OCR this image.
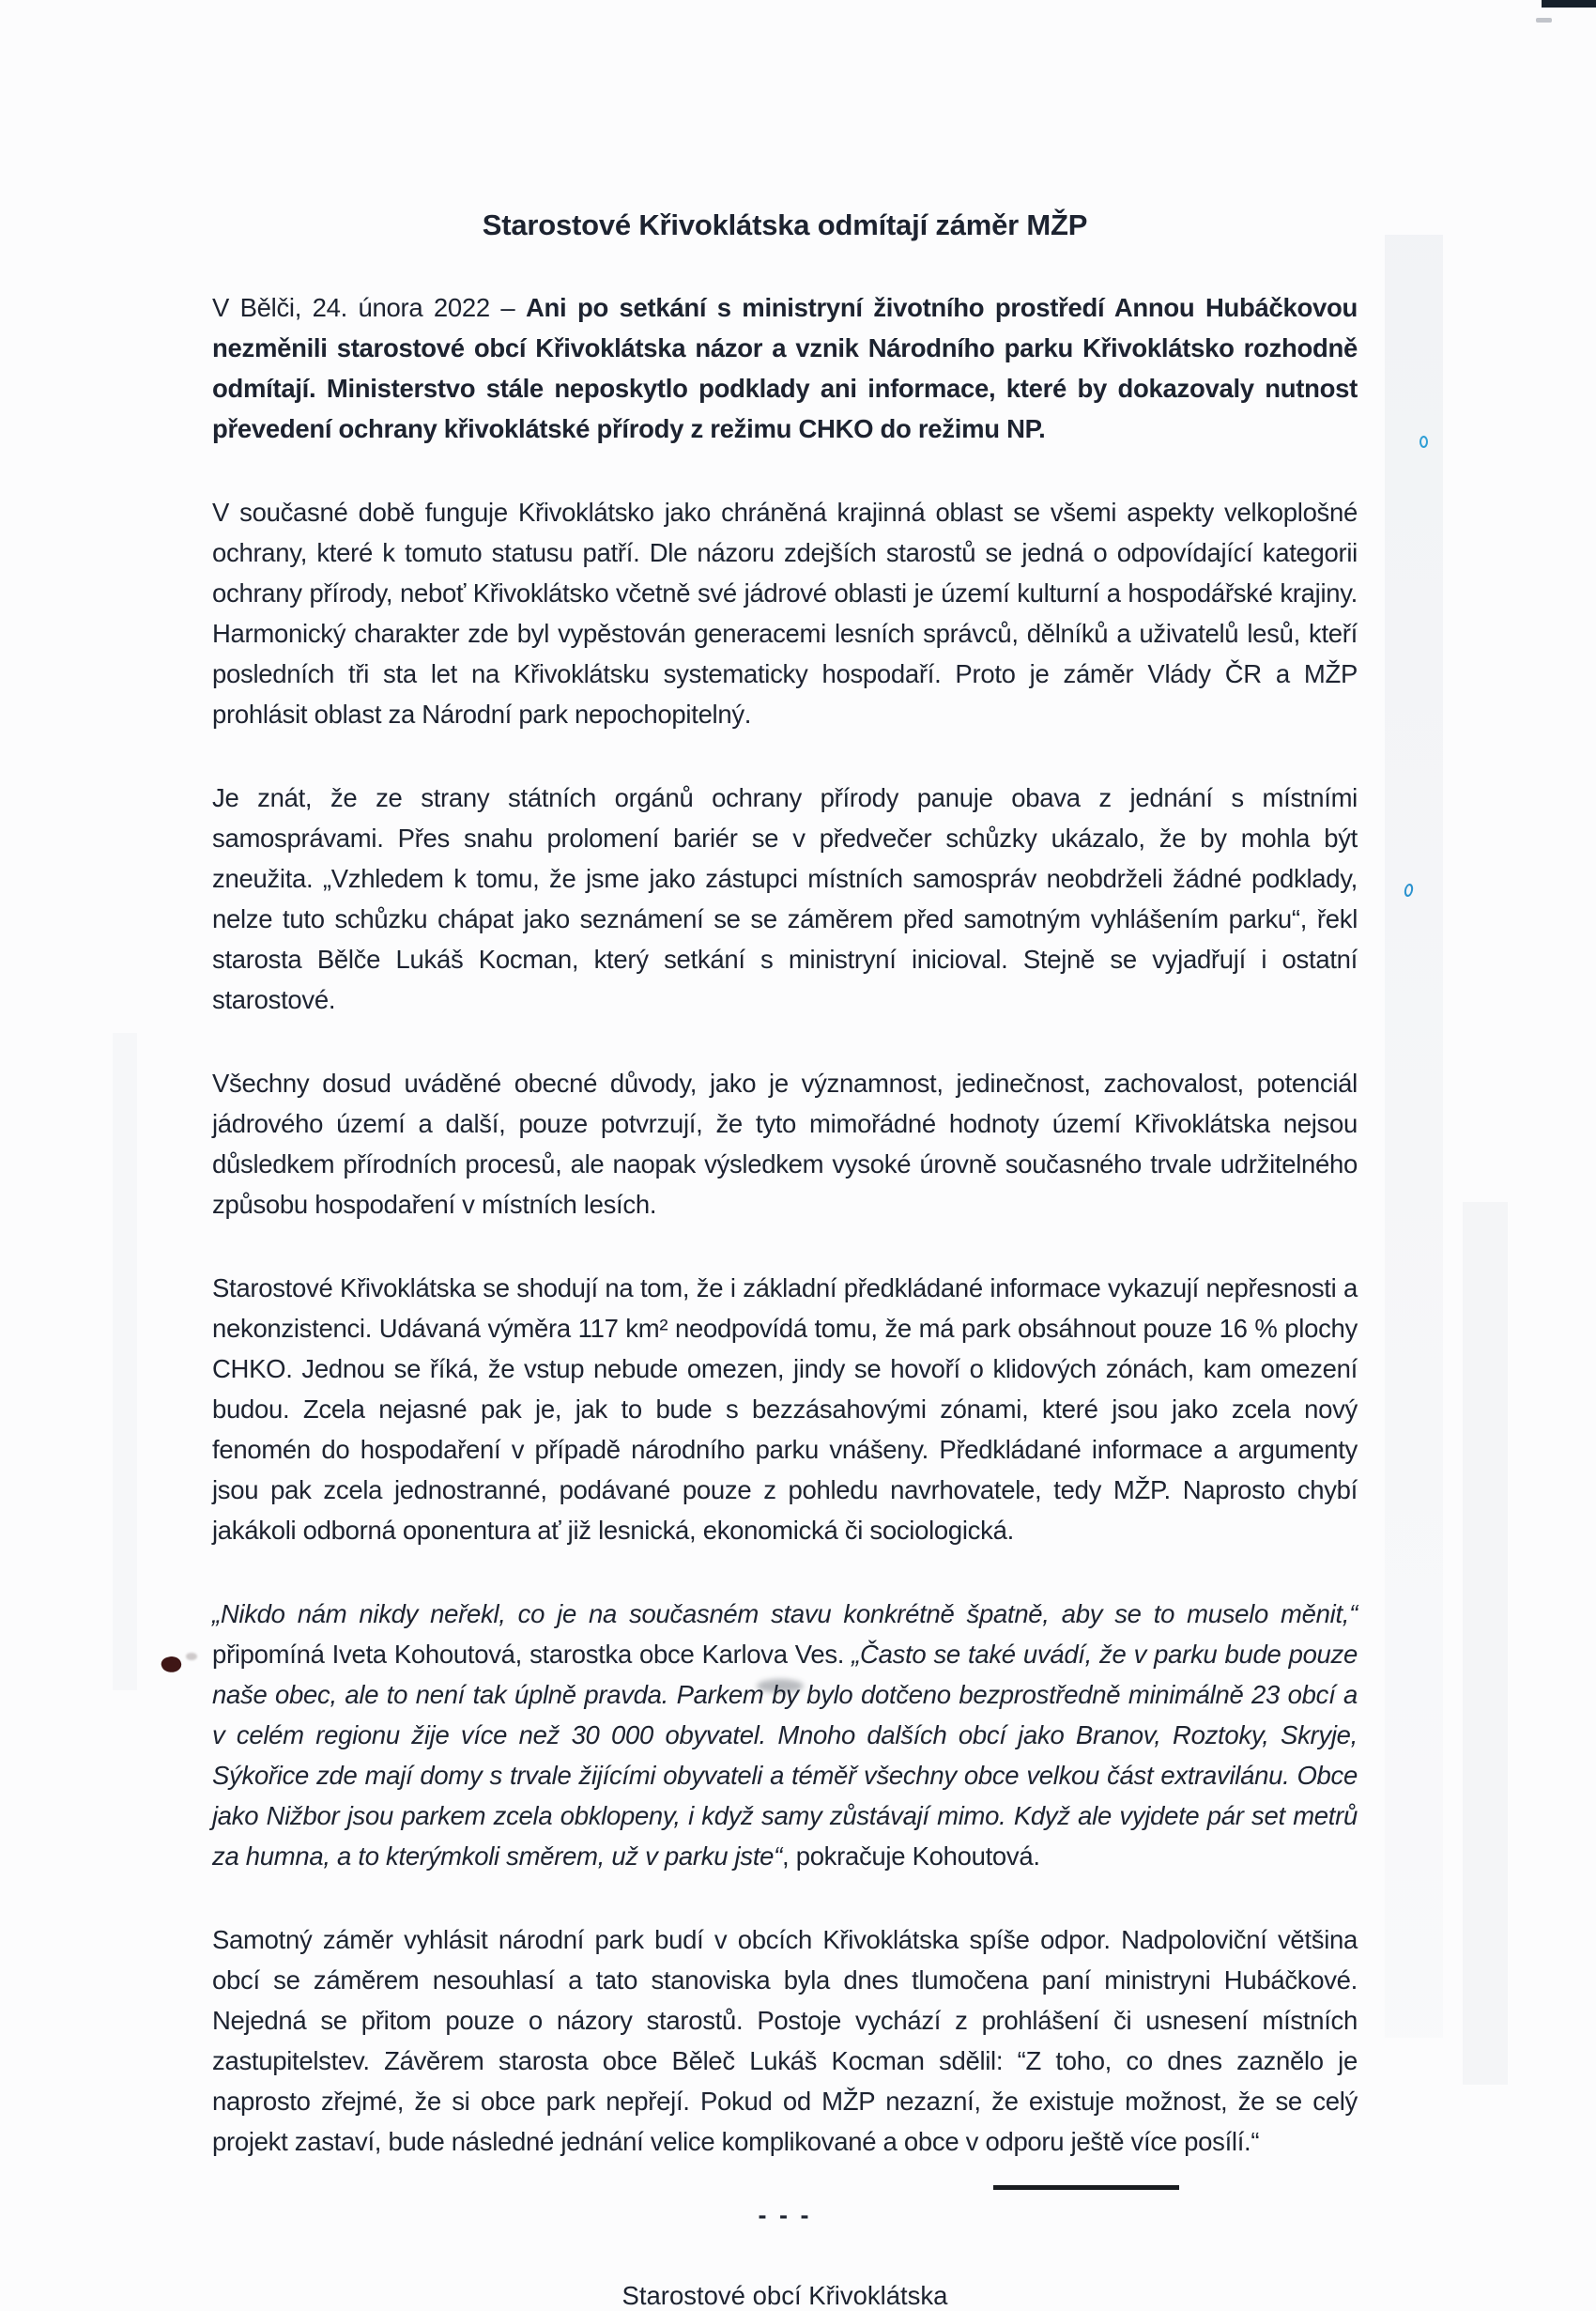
Starostové Křivoklátska odmítají záměr MŽP

V Bělči, 24. února 2022 – Ani po setkání s ministryní životního prostředí Annou Hubáčkovou nezměnili starostové obcí Křivoklátska názor a vznik Národního parku Křivoklátsko rozhodně odmítají. Ministerstvo stále neposkytlo podklady ani informace, které by dokazovaly nutnost převedení ochrany křivoklátské přírody z režimu CHKO do režimu NP.

V současné době funguje Křivoklátsko jako chráněná krajinná oblast se všemi aspekty velkoplošné ochrany, které k tomuto statusu patří. Dle názoru zdejších starostů se jedná o odpovídající kategorii ochrany přírody, neboť Křivoklátsko včetně své jádrové oblasti je území kulturní a hospodářské krajiny. Harmonický charakter zde byl vypěstován generacemi lesních správců, dělníků a uživatelů lesů, kteří posledních tři sta let na Křivoklátsku systematicky hospodaří. Proto je záměr Vlády ČR a MŽP prohlásit oblast za Národní park nepochopitelný.

Je znát, že ze strany státních orgánů ochrany přírody panuje obava z jednání s místními samosprávami. Přes snahu prolomení bariér se v předvečer schůzky ukázalo, že by mohla být zneužita. „Vzhledem k tomu, že jsme jako zástupci místních samospráv neobdrželi žádné podklady, nelze tuto schůzku chápat jako seznámení se se záměrem před samotným vyhlášením parku“, řekl starosta Bělče Lukáš Kocman, který setkání s ministryní inicioval. Stejně se vyjadřují i ostatní starostové.

Všechny dosud uváděné obecné důvody, jako je významnost, jedinečnost, zachovalost, potenciál jádrového území a další, pouze potvrzují, že tyto mimořádné hodnoty území Křivoklátska nejsou důsledkem přírodních procesů, ale naopak výsledkem vysoké úrovně současného trvale udržitelného způsobu hospodaření v místních lesích.

Starostové Křivoklátska se shodují na tom, že i základní předkládané informace vykazují nepřesnosti a nekonzistenci. Udávaná výměra 117 km² neodpovídá tomu, že má park obsáhnout pouze 16 % plochy CHKO. Jednou se říká, že vstup nebude omezen, jindy se hovoří o klidových zónách, kam omezení budou. Zcela nejasné pak je, jak to bude s bezzásahovými zónami, které jsou jako zcela nový fenomén do hospodaření v případě národního parku vnášeny. Předkládané informace a argumenty jsou pak zcela jednostranné, podávané pouze z pohledu navrhovatele, tedy MŽP. Naprosto chybí jakákoli odborná oponentura ať již lesnická, ekonomická či sociologická.

„Nikdo nám nikdy neřekl, co je na současném stavu konkrétně špatně, aby se to muselo měnit,“ připomíná Iveta Kohoutová, starostka obce Karlova Ves. „Často se také uvádí, že v parku bude pouze naše obec, ale to není tak úplně pravda. Parkem by bylo dotčeno bezprostředně minimálně 23 obcí a v celém regionu žije více než 30 000 obyvatel. Mnoho dalších obcí jako Branov, Roztoky, Skryje, Sýkořice zde mají domy s trvale žijícími obyvateli a téměř všechny obce velkou část extravilánu. Obce jako Nižbor jsou parkem zcela obklopeny, i když samy zůstávají mimo. Když ale vyjdete pár set metrů za humna, a to kterýmkoli směrem, už v parku jste“, pokračuje Kohoutová.

Samotný záměr vyhlásit národní park budí v obcích Křivoklátska spíše odpor. Nadpoloviční většina obcí se záměrem nesouhlasí a tato stanoviska byla dnes tlumočena paní ministryni Hubáčkové. Nejedná se přitom pouze o názory starostů. Postoje vychází z prohlášení či usnesení místních zastupitelstev. Závěrem starosta obce Běleč Lukáš Kocman sdělil: “Z toho, co dnes zaznělo je naprosto zřejmé, že si obce park nepřejí. Pokud od MŽP nezazní, že existuje možnost, že se celý projekt zastaví, bude následné jednání velice komplikované a obce v odporu ještě více posílí.“

- - -
Starostové obcí Křivoklátska
